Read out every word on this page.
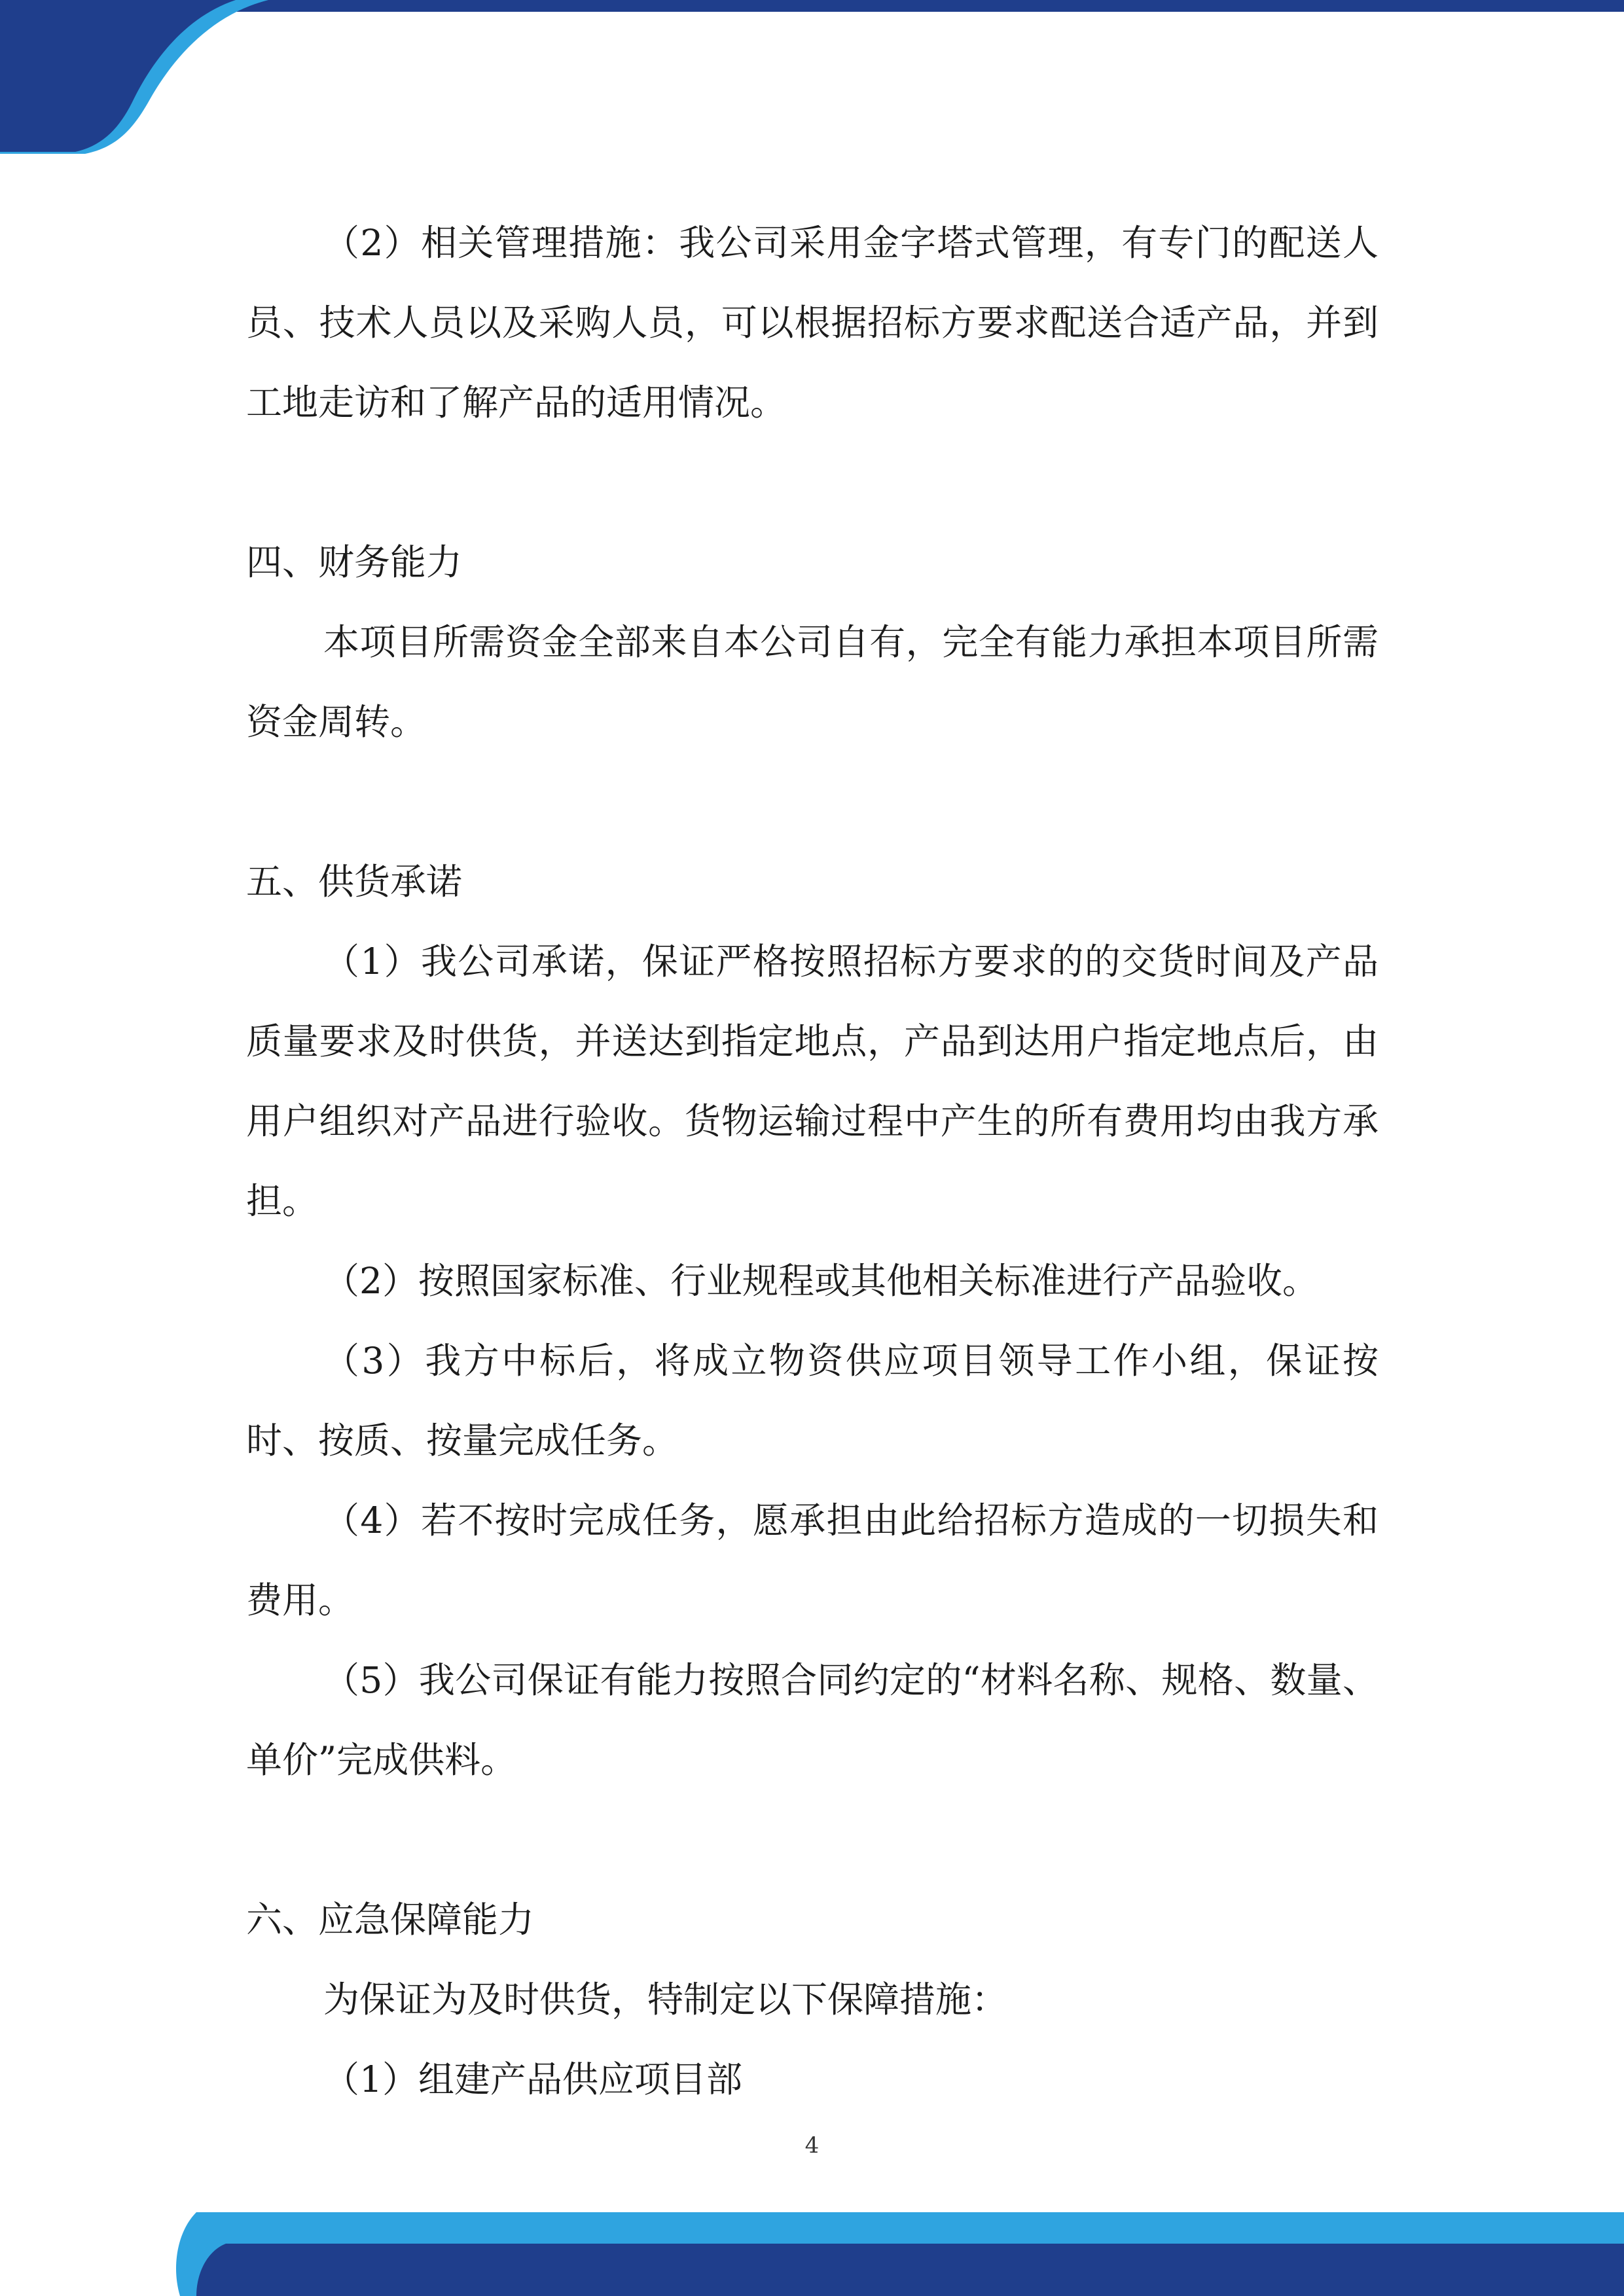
（2）相关管理措施：我公司采用金字塔式管理，有专门的配送人员、技术人员以及采购人员，可以根据招标方要求配送合适产品，并到工地走访和了解产品的适用情况。

四、财务能力

本项目所需资金全部来自本公司自有，完全有能力承担本项目所需资金周转。

五、供货承诺

（1）我公司承诺，保证严格按照招标方要求的的交货时间及产品质量要求及时供货，并送达到指定地点，产品到达用户指定地点后，由用户组织对产品进行验收。货物运输过程中产生的所有费用均由我方承担。

（2）按照国家标准、行业规程或其他相关标准进行产品验收。

（3）我方中标后，将成立物资供应项目领导工作小组，保证按时、按质、按量完成任务。

（4）若不按时完成任务，愿承担由此给招标方造成的一切损失和费用。

（5）我公司保证有能力按照合同约定的“材料名称、规格、数量、单价”完成供料。

六、应急保障能力

为保证为及时供货，特制定以下保障措施：

（1）组建产品供应项目部

4
